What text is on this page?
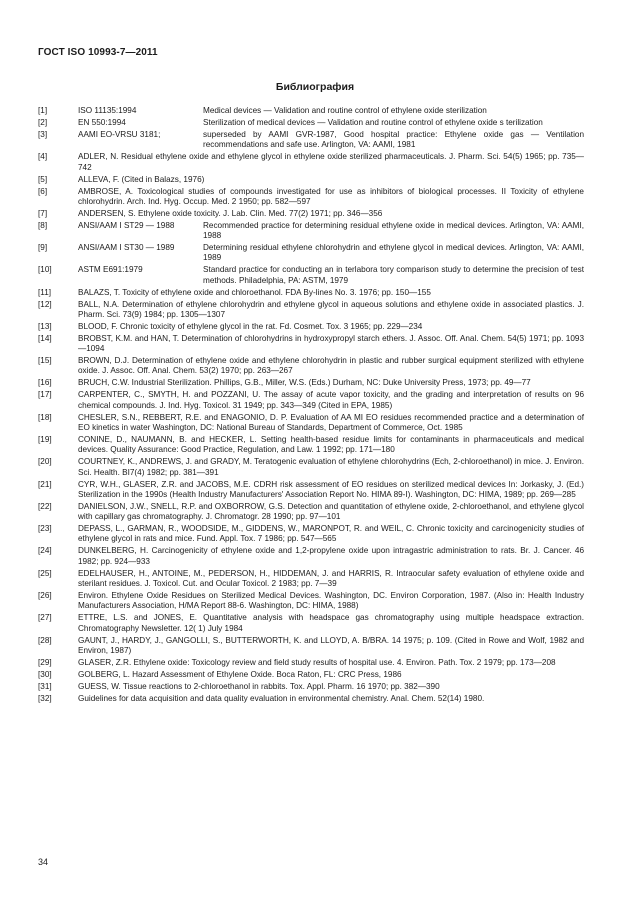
ГОСТ ISO 10993-7—2011
Библиография
[1]	ISO 11135:1994	Medical devices — Validation and routine control of ethylene oxide sterilization
[2]	EN 550:1994	Sterilization of medical devices — Validation and routine control of ethylene oxide s terilization
[3]	AAMI EO-VRSU 3181;	superseded by AAMI GVR-1987, Good hospital practice: Ethylene oxide gas — Ventilation recommendations and safe use. Arlington, VA: AAMI, 1981
[4]	ADLER, N. Residual ethylene oxide and ethylene glycol in ethylene oxide sterilized pharmaceuticals. J. Pharm. Sci. 54(5) 1965; pp. 735—742
[5]	ALLEVA, F. (Cited in Balazs, 1976)
[6]	AMBROSE, A. Toxicological studies of compounds investigated for use as inhibitors of biological processes. II Toxicity of ethylene chlorohydrin. Arch. Ind. Hyg. Occup. Med. 2 1950; pp. 582—597
[7]	ANDERSEN, S. Ethylene oxide toxicity. J. Lab. Clin. Med. 77(2) 1971; pp. 346—356
[8]	ANSI/AAM I ST29 — 1988	Recommended practice for determining residual ethylene oxide in medical devices. Arlington, VA: AAMI, 1988
[9]	ANSI/AAM I ST30 — 1989	Determining residual ethylene chlorohydrin and ethylene glycol in medical devices. Arlington, VA: AAMI, 1989
[10]	ASTM E691:1979	Standard practice for conducting an in terlabora tory comparison study to determine the precision of test methods. Philadelphia, PA: ASTM, 1979
[11]	BALAZS, T. Toxicity of ethylene oxide and chloroethanol. FDA By-lines No. 3. 1976; pp. 150—155
[12]	BALL, N.A. Determination of ethylene chlorohydrin and ethylene glycol in aqueous solutions and ethylene oxide in associated plastics. J. Pharm. Sci. 73(9) 1984; pp. 1305—1307
[13]	BLOOD, F. Chronic toxicity of ethylene glycol in the rat. Fd. Cosmet. Tox. 3 1965; pp. 229—234
[14]	BROBST, K.M. and HAN, T. Determination of chlorohydrins in hydroxypropyl starch ethers. J. Assoc. Off. Anal. Chem. 54(5) 1971; pp. 1093—1094
[15]	BROWN, D.J. Determination of ethylene oxide and ethylene chlorohydrin in plastic and rubber surgical equipment sterilized with ethylene oxide. J. Assoc. Off. Anal. Chem. 53(2) 1970; pp. 263—267
[16]	BRUCH, C.W. Industrial Sterilization. Phillips, G.B., Miller, W.S. (Eds.) Durham, NC: Duke University Press, 1973; pp. 49—77
[17]	CARPENTER, C., SMYTH, H. and POZZANI, U. The assay of acute vapor toxicity, and the grading and interpretation of results on 96 chemical compounds. J. Ind. Hyg. Toxicol. 31 1949; pp. 343—349 (Cited in EPA, 1985)
[18]	CHESLER, S.N., REBBERT, R.E. and ENAGONIO, D. P. Evaluation of AA MI EO residues recommended practice and a determination of EO kinetics in water Washington, DC: National Bureau of Standards, Department of Commerce, Oct. 1985
[19]	CONINE, D., NAUMANN, B. and HECKER, L. Setting health-based residue limits for contaminants in pharmaceuticals and medical devices. Quality Assurance: Good Practice, Regulation, and Law. 1 1992; pp. 171—180
[20]	COURTNEY, K., ANDREWS, J. and GRADY, M. Teratogenic evaluation of ethylene chlorohydrins (Ech, 2-chloroethanol) in mice. J. Environ. Sci. Health. BI7(4) 1982; pp. 381—391
[21]	CYR, W.H., GLASER, Z.R. and JACOBS, M.E. CDRH risk assessment of EO residues on sterilized medical devices In: Jorkasky, J. (Ed.) Sterilization in the 1990s (Health Industry Manufacturers' Association Report No. HIMA 89-I). Washington, DC: HIMA, 1989; pp. 269—285
[22]	DANIELSON, J.W., SNELL, R.P. and OXBORROW, G.S. Detection and quantitation of ethylene oxide, 2-chloroethanol, and ethylene glycol with capillary gas chromatography. J. Chromatogr. 28 1990; pp. 97—101
[23]	DEPASS, L., GARMAN, R., WOODSIDE, M., GIDDENS, W., MARONPOT, R. and WEIL, C. Chronic toxicity and carcinogenicity studies of ethylene glycol in rats and mice. Fund. Appl. Tox. 7 1986; pp. 547—565
[24]	DUNKELBERG, H. Carcinogenicity of ethylene oxide and 1,2-propylene oxide upon intragastric administration to rats. Br. J. Cancer. 46 1982; pp. 924—933
[25]	EDELHAUSER, H., ANTOINE, M., PEDERSON, H., HIDDEMAN, J. and HARRIS, R. Intraocular safety evaluation of ethylene oxide and sterilant residues. J. Toxicol. Cut. and Ocular Toxicol. 2 1983; pp. 7—39
[26]	Environ. Ethylene Oxide Residues on Sterilized Medical Devices. Washington, DC. Environ Corporation, 1987. (Also in: Health Industry Manufacturers Association, H/MA Report 88-6. Washington, DC: HIMA, 1988)
[27]	ETTRE, L.S. and JONES, E. Quantitative analysis with headspace gas chromatography using multiple headspace extraction. Chromatography Newsletter. 12( 1) July 1984
[28]	GAUNT, J., HARDY, J., GANGOLLI, S., BUTTERWORTH, K. and LLOYD, A. B/BRA. 14 1975; p. 109. (Cited in Rowe and Wolf, 1982 and Environ, 1987)
[29]	GLASER, Z.R. Ethylene oxide: Toxicology review and field study results of hospital use. 4. Environ. Path. Tox. 2 1979; pp. 173—208
[30]	GOLBERG, L. Hazard Assessment of Ethylene Oxide. Boca Raton, FL: CRC Press, 1986
[31]	GUESS, W. Tissue reactions to 2-chloroethanol in rabbits. Tox. Appl. Pharm. 16 1970; pp. 382—390
[32]	Guidelines for data acquisition and data quality evaluation in environmental chemistry. Anal. Chem. 52(14) 1980.
34
